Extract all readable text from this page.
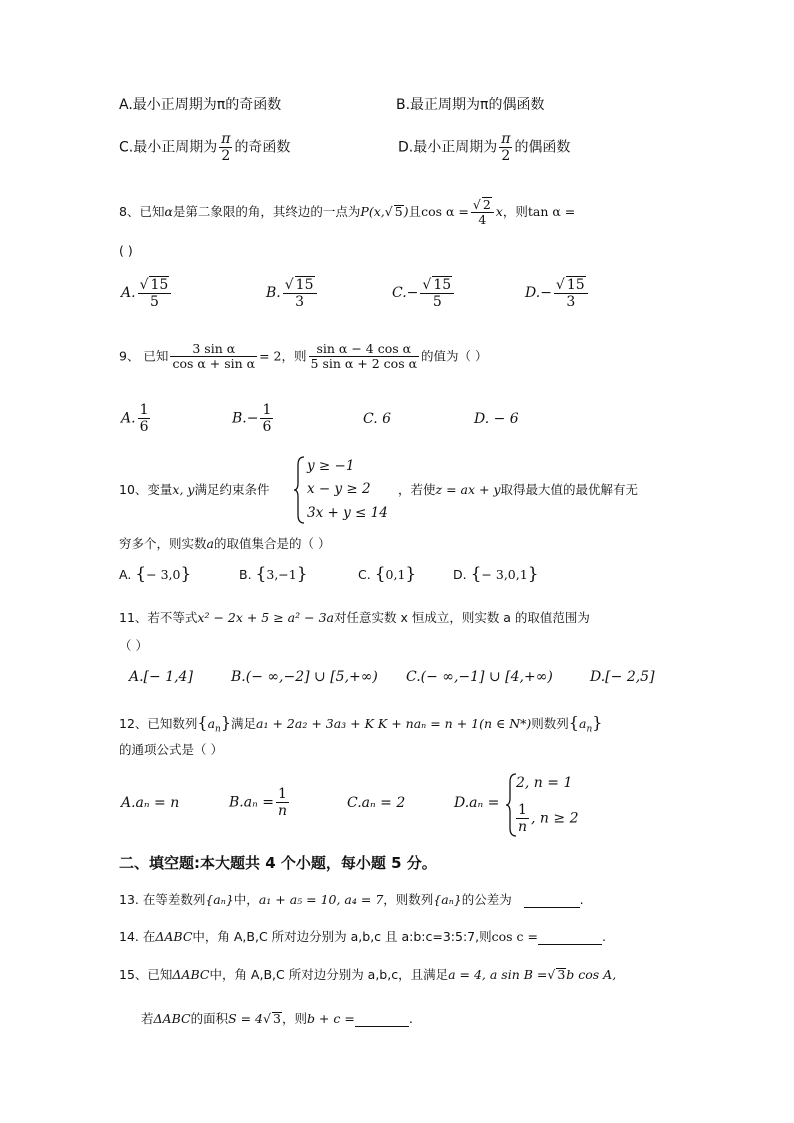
A.最小正周期为π的奇函数	B.最正周期为π的偶函数
C.最小正周期为 $\frac{\pi}{2}$ 的奇函数	D.最小正周期为 $\frac{\pi}{2}$ 的偶函数
8、已知α是第二象限的角，其终边的一点为P(x,√ 5)且$\cos \alpha = \frac{√ 2}{4}$ x，则tan α =
( )
A. $\frac{√ 15}{5}$	B. $\frac{√ 15}{3}$	$C.- \frac{√ 15}{5}$	$D.- \frac{√ 15}{3}$
9、 已知 $\frac{\text{3 sin α}}{\text{cos α + sin α}} = 2$，则 $\frac{\text{sin α − 4 cos α}}{\text{5 sin α + 2 cos α}}$ 的值为（ ）
A. $\frac{1}{6}$	$B.- \frac{1}{6}$	C. 6	D. − 6
10、变量x, y满足约束条件
y ≥ −1
x − y ≥ 2
3x + y ≤ 14
，若使z = ax + y取得最大值的最优解有无
穷多个，则实数a的取值集合是的（ ）
A. {− 3,0}	B. {3,−1}	C. {0,1}	D. {− 3,0,1}
11、若不等式x² − 2x + 5 ≥ a² − 3a对任意实数 x 恒成立，则实数 a 的取值范围为
（ ）
A.[− 1,4]	B.(− ∞,−2] ∪ [5,+∞) C.(− ∞,−1] ∪ [4,+∞)	D.[− 2,5]
12、已知数列$\{a_n\}$满足a₁ + 2a₂ + 3a₃ + K K + naₙ = n + 1(n ∈ N*)则数列$\{a_n\}$
的通项公式是（ ）
A.aₙ = n	$B.a_n = \frac{1}{n}$	C.aₙ = 2	D.aₙ =
2, n = 1
$\frac{1}{n}$ , n ≥ 2
二、填空题:本大题共 4 个小题，每小题 5 分。
13. 在等差数列{aₙ}中，a₁ + a₅ = 10, a₄ = 7，则数列{aₙ}的公差为	.
14. 在ΔABC中，角 A,B,C 所对边分别为 a,b,c 且 a:b:c=3:5:7,则cos c =	.
15、已知ΔABC中，角 A,B,C 所对边分别为 a,b,c，且满足a = 4, a sin B =√ 3b cos A,
若ΔABC的面积S = 4√ 3，则b + c =	.
